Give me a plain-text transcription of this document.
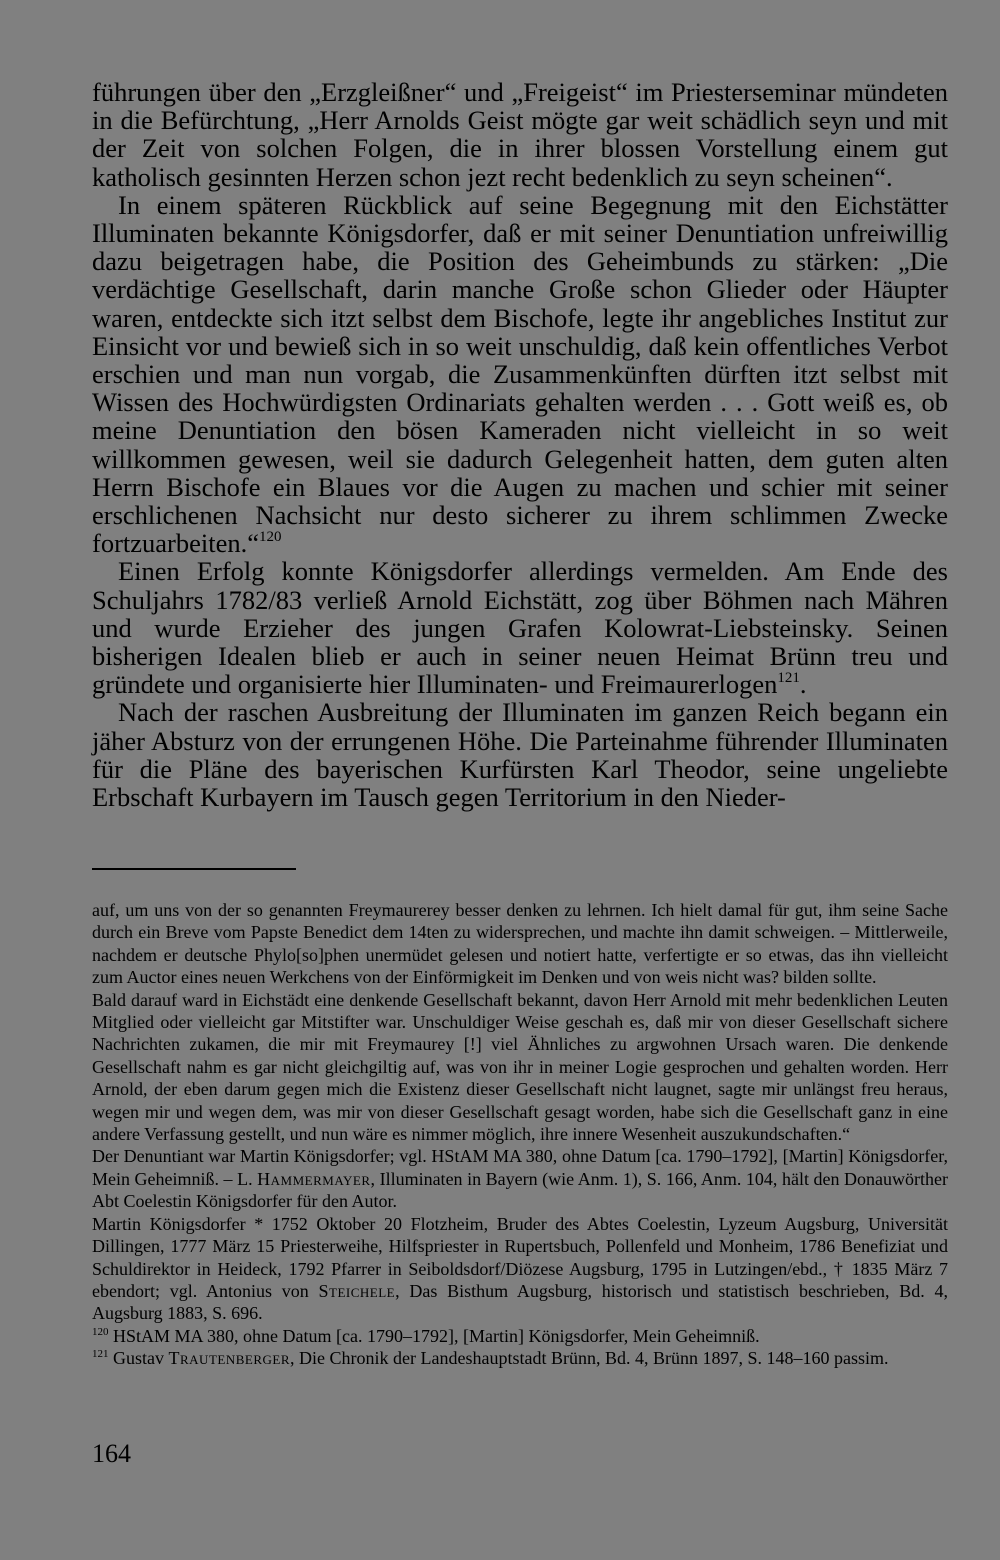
führungen über den „Erzgleißner“ und „Freigeist“ im Priesterseminar mündeten in die Befürchtung, „Herr Arnolds Geist mögte gar weit schädlich seyn und mit der Zeit von solchen Folgen, die in ihrer blossen Vorstellung einem gut katholisch gesinnten Herzen schon jezt recht bedenklich zu seyn scheinen“.

In einem späteren Rückblick auf seine Begegnung mit den Eichstätter Illuminaten bekannte Königsdorfer, daß er mit seiner Denuntiation unfreiwillig dazu beigetragen habe, die Position des Geheimbunds zu stärken: „Die verdächtige Gesellschaft, darin manche Große schon Glieder oder Häupter waren, entdeckte sich itzt selbst dem Bischofe, legte ihr angebliches Institut zur Einsicht vor und bewieß sich in so weit unschuldig, daß kein offentliches Verbot erschien und man nun vorgab, die Zusammenkünften dürften itzt selbst mit Wissen des Hochwürdigsten Ordinariats gehalten werden . . . Gott weiß es, ob meine Denuntiation den bösen Kameraden nicht vielleicht in so weit willkommen gewesen, weil sie dadurch Gelegenheit hatten, dem guten alten Herrn Bischofe ein Blaues vor die Augen zu machen und schier mit seiner erschlichenen Nachsicht nur desto sicherer zu ihrem schlimmen Zwecke fortzuarbeiten.“$^{120}$

Einen Erfolg konnte Königsdorfer allerdings vermelden. Am Ende des Schuljahrs 1782/83 verließ Arnold Eichstätt, zog über Böhmen nach Mähren und wurde Erzieher des jungen Grafen Kolowrat-Liebsteinsky. Seinen bisherigen Idealen blieb er auch in seiner neuen Heimat Brünn treu und gründete und organisierte hier Illuminaten- und Freimaurerlogen$^{121}$.

Nach der raschen Ausbreitung der Illuminaten im ganzen Reich begann ein jäher Absturz von der errungenen Höhe. Die Parteinahme führender Illuminaten für die Pläne des bayerischen Kurfürsten Karl Theodor, seine ungeliebte Erbschaft Kurbayern im Tausch gegen Territorium in den Nieder-

auf, um uns von der so genannten Freymaurerey besser denken zu lehrnen. Ich hielt damal für gut, ihm seine Sache durch ein Breve vom Papste Benedict dem 14ten zu widersprechen, und machte ihn damit schweigen. – Mittlerweile, nachdem er deutsche Phylo[so]phen unermüdet gelesen und notiert hatte, verfertigte er so etwas, das ihn vielleicht zum Auctor eines neuen Werkchens von der Einförmigkeit im Denken und von weis nicht was? bilden sollte.

Bald darauf ward in Eichstädt eine denkende Gesellschaft bekannt, davon Herr Arnold mit mehr bedenklichen Leuten Mitglied oder vielleicht gar Mitstifter war. Unschuldiger Weise geschah es, daß mir von dieser Gesellschaft sichere Nachrichten zukamen, die mir mit Freymaurey [!] viel Ähnliches zu argwohnen Ursach waren. Die denkende Gesellschaft nahm es gar nicht gleichgiltig auf, was von ihr in meiner Logie gesprochen und gehalten worden. Herr Arnold, der eben darum gegen mich die Existenz dieser Gesellschaft nicht laugnet, sagte mir unlängst freu heraus, wegen mir und wegen dem, was mir von dieser Gesellschaft gesagt worden, habe sich die Gesellschaft ganz in eine andere Verfassung gestellt, und nun wäre es nimmer möglich, ihre innere Wesenheit auszukundschaften.“

Der Denuntiant war Martin Königsdorfer; vgl. HStAM MA 380, ohne Datum [ca. 1790–1792], [Martin] Königsdorfer, Mein Geheimniß. – L. Hammermayer, Illuminaten in Bayern (wie Anm. 1), S. 166, Anm. 104, hält den Donauwörther Abt Coelestin Königsdorfer für den Autor.

Martin Königsdorfer * 1752 Oktober 20 Flotzheim, Bruder des Abtes Coelestin, Lyzeum Augsburg, Universität Dillingen, 1777 März 15 Priesterweihe, Hilfspriester in Rupertsbuch, Pollenfeld und Monheim, 1786 Benefiziat und Schuldirektor in Heideck, 1792 Pfarrer in Seiboldsdorf/Diözese Augsburg, 1795 in Lutzingen/ebd., † 1835 März 7 ebendort; vgl. Antonius von Steichele, Das Bisthum Augsburg, historisch und statistisch beschrieben, Bd. 4, Augsburg 1883, S. 696.

$^{120}$ HStAM MA 380, ohne Datum [ca. 1790–1792], [Martin] Königsdorfer, Mein Geheimniß.

$^{121}$ Gustav Trautenberger, Die Chronik der Landeshauptstadt Brünn, Bd. 4, Brünn 1897, S. 148–160 passim.

164
